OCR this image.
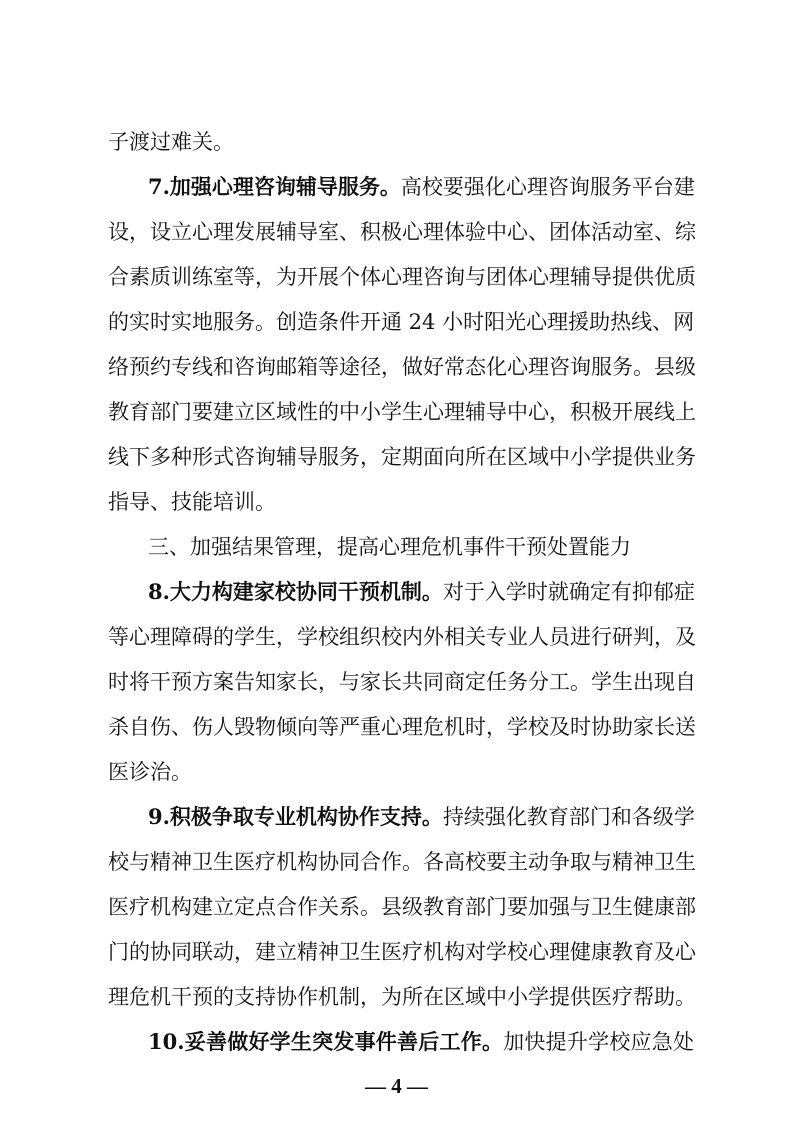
子渡过难关。
7.加强心理咨询辅导服务。高校要强化心理咨询服务平台建
设，设立心理发展辅导室、积极心理体验中心、团体活动室、综
合素质训练室等，为开展个体心理咨询与团体心理辅导提供优质
的实时实地服务。创造条件开通 24 小时阳光心理援助热线、网
络预约专线和咨询邮箱等途径，做好常态化心理咨询服务。县级
教育部门要建立区域性的中小学生心理辅导中心，积极开展线上
线下多种形式咨询辅导服务，定期面向所在区域中小学提供业务
指导、技能培训。
三、加强结果管理，提高心理危机事件干预处置能力
8.大力构建家校协同干预机制。对于入学时就确定有抑郁症
等心理障碍的学生，学校组织校内外相关专业人员进行研判，及
时将干预方案告知家长，与家长共同商定任务分工。学生出现自
杀自伤、伤人毁物倾向等严重心理危机时，学校及时协助家长送
医诊治。
9.积极争取专业机构协作支持。持续强化教育部门和各级学
校与精神卫生医疗机构协同合作。各高校要主动争取与精神卫生
医疗机构建立定点合作关系。县级教育部门要加强与卫生健康部
门的协同联动，建立精神卫生医疗机构对学校心理健康教育及心
理危机干预的支持协作机制，为所在区域中小学提供医疗帮助。
10.妥善做好学生突发事件善后工作。加快提升学校应急处
— 4 —
